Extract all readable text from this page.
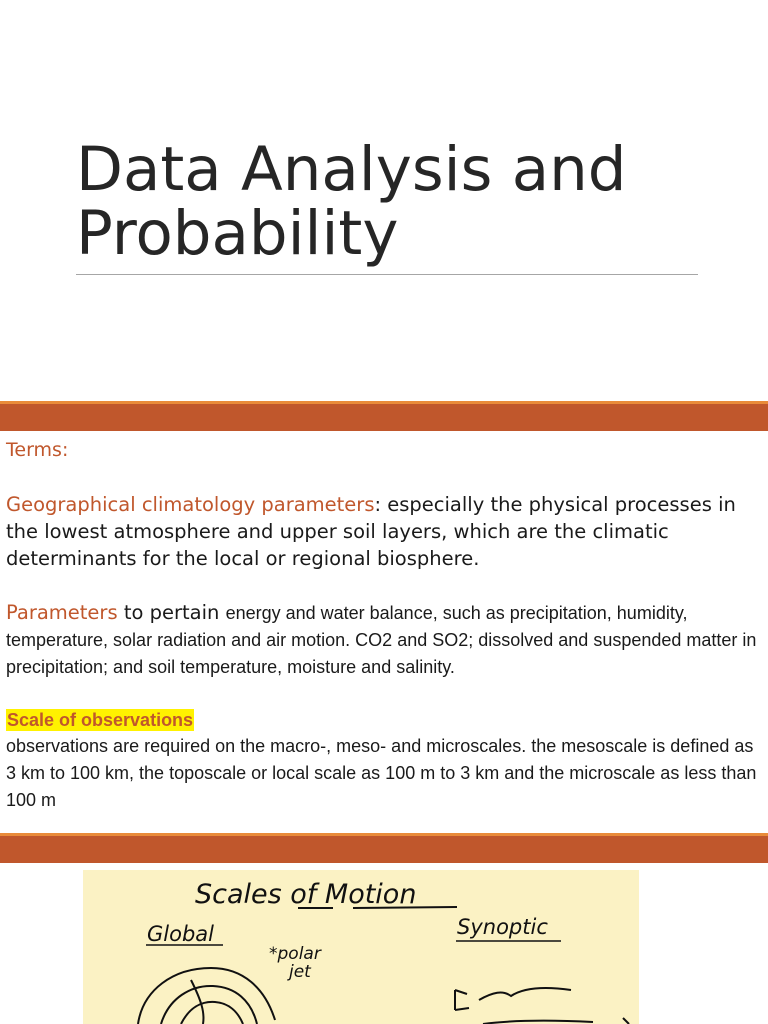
Data Analysis and
Probability

Terms:

Geographical climatology parameters: especially the physical processes in the lowest atmosphere and upper soil layers, which are the climatic determinants for the local or regional biosphere.

Parameters to pertain energy and water balance, such as precipitation, humidity, temperature, solar radiation and air motion. CO2 and SO2; dissolved and suspended matter in precipitation; and soil temperature, moisture and salinity.

Scale of observations

observations are required on the macro-, meso- and microscales. the mesoscale is defined as 3 km to 100 km, the toposcale or local scale as 100 m to 3 km and the microscale as less than 100 m

Scales of Motion
Global	Synoptic
*polar
jet
